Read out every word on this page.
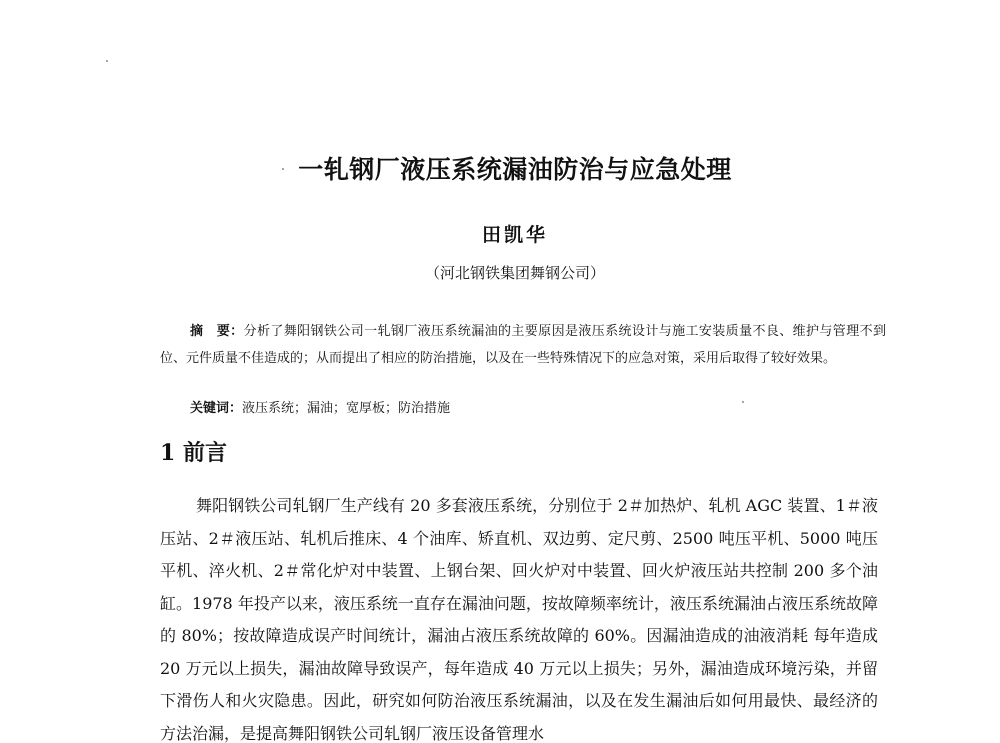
一轧钢厂液压系统漏油防治与应急处理
田凯华
（河北钢铁集团舞钢公司）
摘　要：分析了舞阳钢铁公司一轧钢厂液压系统漏油的主要原因是液压系统设计与施工安装质量不良、维护与管理不到位、元件质量不佳造成的；从而提出了相应的防治措施，以及在一些特殊情况下的应急对策，采用后取得了较好效果。
关键词：液压系统；漏油；宽厚板；防治措施
1 前言
舞阳钢铁公司轧钢厂生产线有 20 多套液压系统，分别位于 2＃加热炉、轧机 AGC 装置、1＃液压站、2＃液压站、轧机后推床、4 个油库、矫直机、双边剪、定尺剪、2500 吨压平机、5000 吨压平机、淬火机、2＃常化炉对中装置、上钢台架、回火炉对中装置、回火炉液压站共控制 200 多个油缸。1978 年投产以来，液压系统一直存在漏油问题，按故障频率统计，液压系统漏油占液压系统故障的 80%；按故障造成误产时间统计，漏油占液压系统故障的 60%。因漏油造成的油液消耗 每年造成 20 万元以上损失，漏油故障导致误产，每年造成 40 万元以上损失；另外，漏油造成环境污染，并留下滑伤人和火灾隐患。因此，研究如何防治液压系统漏油，以及在发生漏油后如何用最快、最经济的方法治漏，是提高舞阳钢铁公司轧钢厂液压设备管理水
